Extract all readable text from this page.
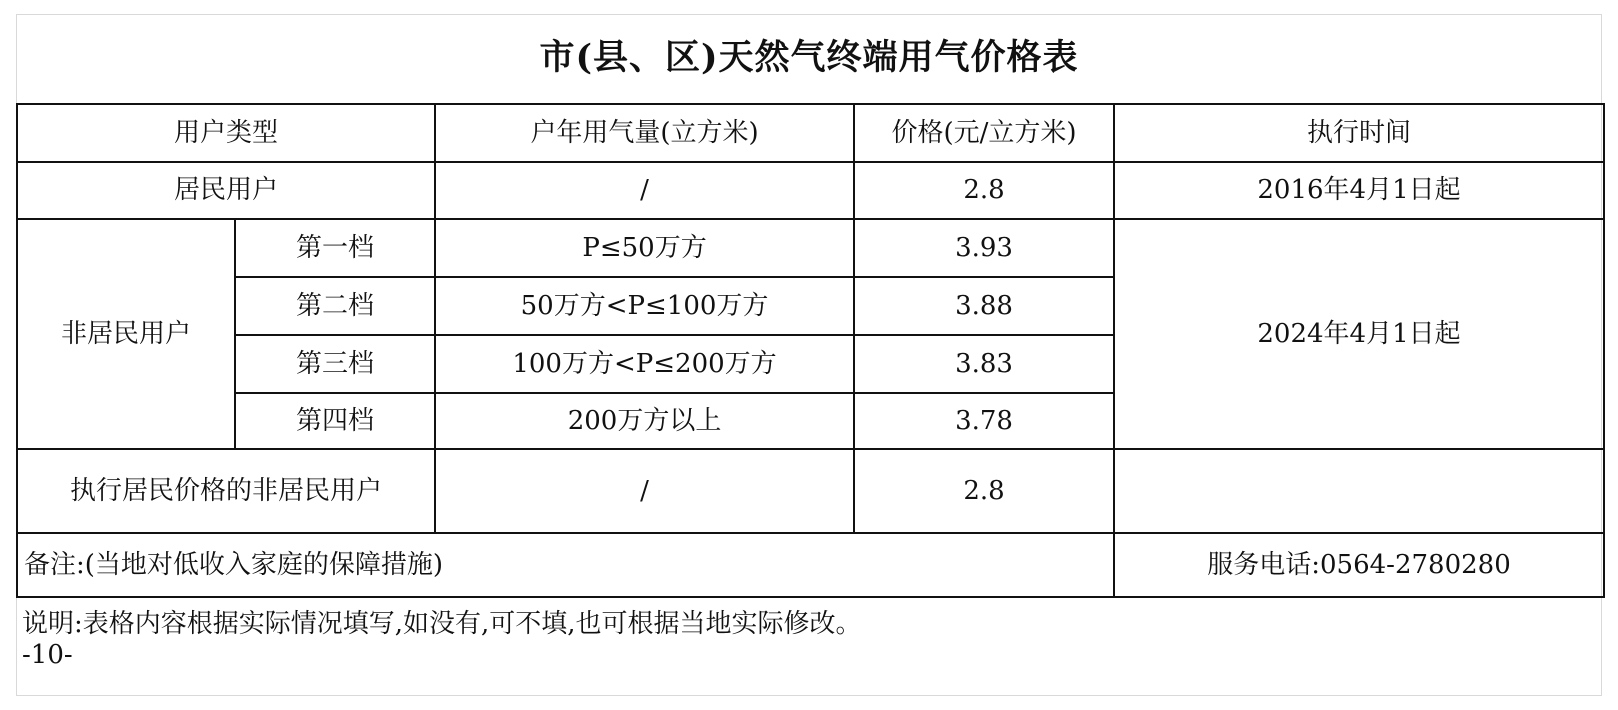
市(县、区)天然气终端用气价格表
用户类型		户年用气量(立方米)	价格(元/立方米)	执行时间
居民用户		/	2.8	2016年4月1日起
非居民用户	第一档	P≤50万方	3.93	2024年4月1日起
	第二档	50万方<P≤100万方	3.88	
	第三档	100万方<P≤200万方	3.83	
	第四档	200万方以上	3.78	
执行居民价格的非居民用户		/	2.8	
备注:(当地对低收入家庭的保障措施)				服务电话:0564-2780280
说明:表格内容根据实际情况填写,如没有,可不填,也可根据当地实际修改。
-10-
